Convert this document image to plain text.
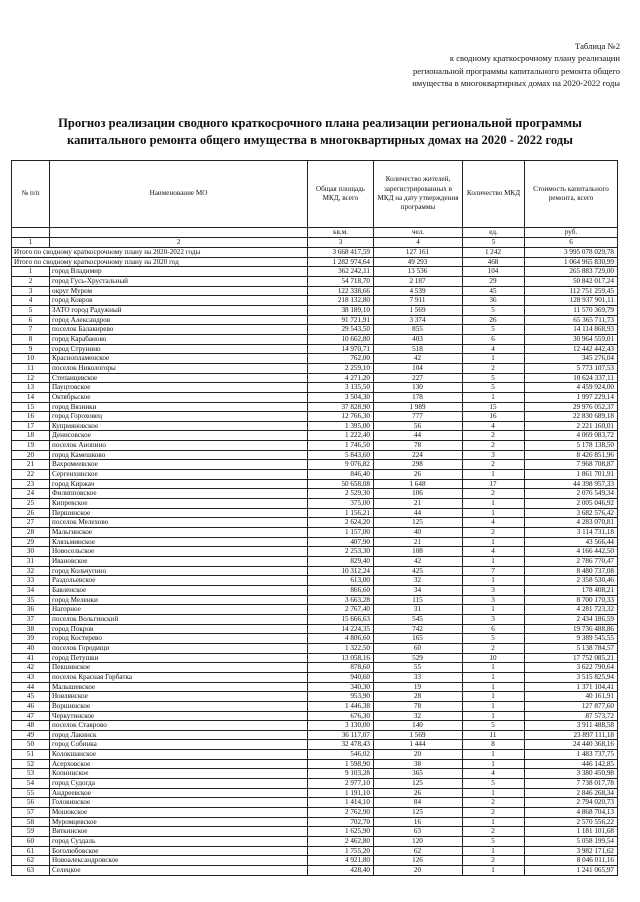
Таблица №2
к сводному краткосрочному плану реализации
региональной программы капитального ремонта общего
имущества в многоквартирных домах на 2020-2022 годы
Прогноз реализации сводного краткосрочного плана реализации региональной программы
капитального ремонта общего имущества в многоквартирных домах на 2020 - 2022 годы
№ п/п	Наименование МО	Общая площадь МКД, всего	Количество жителей, зарегистрированных в МКД на дату утверждения программы	Количество МКД	Стоимость капитального ремонта, всего
		кв.м.	чел.	ед.	руб.
1	2	3	4	5	6
Итого по сводному краткосрочному плану на 2020-2022 годы		3 668 417,59	127 161	1 242	3 995 078 029,78
Итого по сводному краткосрочному плану на 2020 год		1 282 974,64	49 293	468	1 064 965 830,99
1	город Владимир	362 242,11	13 536	104	265 883 729,00
2	город Гусь-Хрустальный	54 718,70	2 187	29	50 842 017,24
3	округ Муром	122 338,66	4 539	45	112 751 259,45
4	город Ковров	218 132,80	7 911	36	128 937 901,11
5	ЗАТО город Радужный	38 189,10	1 569	5	11 570 369,79
6	город Александров	91 721,91	3 374	26	65 365 711,73
7	поселок Балакирево	29 543,50	855	5	14 114 868,93
8	город Карабаново	10 662,80	403	6	30 964 559,01
9	город Струнино	14 970,71	518	4	12 442 442,43
10	Краснопламенское	762,00	42	1	345 276,04
11	поселок Никологоры	2 259,10	104	2	5 773 107,53
12	Степанцевское	4 271,20	227	5	10 624 337,11
13	Пауцтовское	3 135,50	130	5	4 459 924,00
14	Октябрьское	3 504,30	178	1	1 997 229,14
15	город Вязники	37 828,90	1 989	15	29 976 052,37
16	город Гороховец	12 766,30	777	16	22 830 689,18
17	Куприяновское	1 395,00	56	4	2 221 160,01
18	Денисовское	1 222,40	44	2	4 069 083,72
19	поселок Анопино	1 746,50	78	2	5 178 138,50
20	город Камешково	5 843,60	224	3	8 426 851,96
21	Вахромеевское	9 076,82	298	2	7 968 708,87
22	Сергеихинское	846,40	26	1	1 861 701,91
23	город Киржач	50 658,08	1 648	17	44 398 957,33
24	Филипповское	2 529,30	106	2	2 076 549,34
25	Кипревское	375,00	21	1	2 005 046,92
26	Першинское	1 156,21	44	1	3 682 576,42
27	поселок Мелехово	2 624,20	125	4	4 283 070,81
28	Мальгинское	1 157,00	40	2	3 114 731,18
29	Клязьминское	407,90	21	1	43 566,44
30	Новосельское	2 253,30	108	4	4 166 442,50
31	Ивановское	829,40	42	1	2 786 770,47
32	город Кольчугино	10 312,24	425	7	8 480 737,08
33	Раздольевское	613,00	32	1	2 358 530,46
34	Бавленское	866,60	34	3	178 408,21
35	город Меленки	3 663,28	115	3	8 700 170,33
36	Нагорное	2 767,40	31	1	4 281 723,32
37	поселок Вольгинский	15 666,63	545	3	2 434 186,59
38	город Покров	14 224,35	742	6	19 736 488,86
39	город Костерево	4 806,60	165	5	9 389 545,55
40	поселок Городищи	1 322,50	60	2	5 138 784,57
41	город Петушки	13 058,16	529	10	17 752 085,21
42	Пекшинское	878,60	55	1	3 622 790,64
43	поселок Красная Горбатка	940,60	33	1	3 515 825,94
44	Малышевское	340,30	19	1	1 371 104,41
45	Новлянское	953,90	28	1	40 161,91
46	Воршинское	1 446,38	78	1	127 877,60
47	Черкутинское	676,30	32	1	87 573,72
48	поселок Ставрово	3 130,00	140	5	3 911 488,58
49	город Лакинск	36 117,07	1 569	11	23 897 111,18
50	город Собинка	32 478,43	1 444	8	24 440 368,16
51	Колокшанское	546,02	20	1	1 483 737,75
52	Асерховское	1 598,90	38	1	446 142,85
53	Копнинское	9 103,28	365	4	3 380 450,98
54	город Судогда	2 977,10	125	5	7 738 017,78
55	Андреевское	1 191,10	26	1	2 846 268,34
56	Головинское	1 414,10	84	2	2 794 020,73
57	Мошокское	2 762,90	125	2	4 868 704,13
58	Муромцевское	702,70	16	1	2 570 556,22
59	Вяткинское	1 625,90	63	2	1 181 101,68
60	город Суздаль	2 462,80	120	5	5 058 199,54
61	Боголюбовское	1 755,20	62	1	3 982 171,62
62	Новоалександровское	4 921,80	126	2	8 046 011,16
63	Селецкое	428,40	20	1	1 241 065,97
